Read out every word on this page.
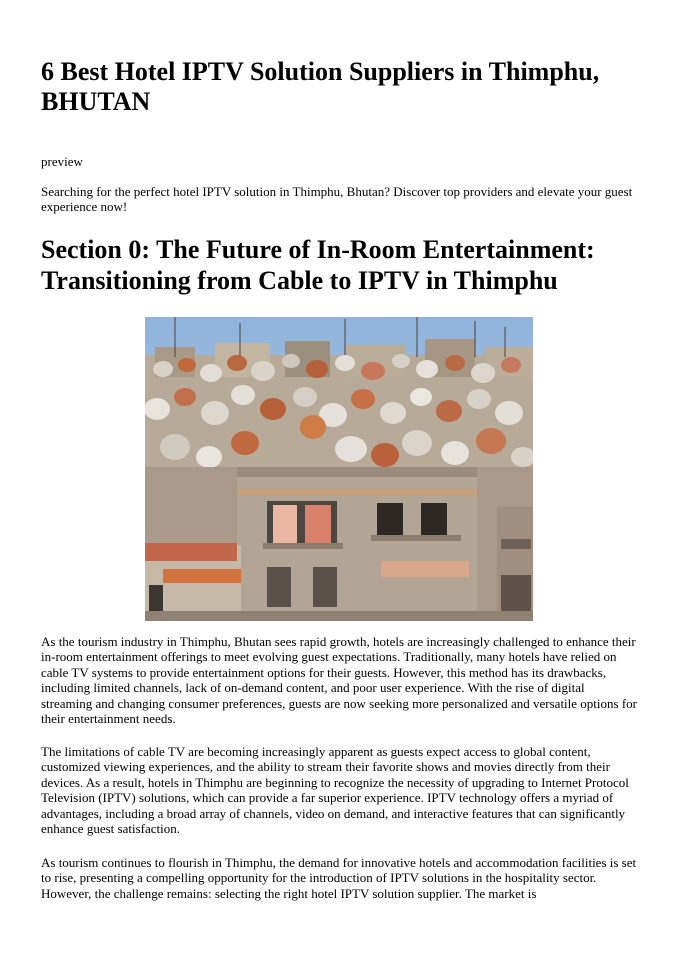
6 Best Hotel IPTV Solution Suppliers in Thimphu, BHUTAN

preview

Searching for the perfect hotel IPTV solution in Thimphu, Bhutan? Discover top providers and elevate your guest experience now!

Section 0: The Future of In-Room Entertainment: Transitioning from Cable to IPTV in Thimphu

As the tourism industry in Thimphu, Bhutan sees rapid growth, hotels are increasingly challenged to enhance their in-room entertainment offerings to meet evolving guest expectations. Traditionally, many hotels have relied on cable TV systems to provide entertainment options for their guests. However, this method has its drawbacks, including limited channels, lack of on-demand content, and poor user experience. With the rise of digital streaming and changing consumer preferences, guests are now seeking more personalized and versatile options for their entertainment needs.

The limitations of cable TV are becoming increasingly apparent as guests expect access to global content, customized viewing experiences, and the ability to stream their favorite shows and movies directly from their devices. As a result, hotels in Thimphu are beginning to recognize the necessity of upgrading to Internet Protocol Television (IPTV) solutions, which can provide a far superior experience. IPTV technology offers a myriad of advantages, including a broad array of channels, video on demand, and interactive features that can significantly enhance guest satisfaction.

As tourism continues to flourish in Thimphu, the demand for innovative hotels and accommodation facilities is set to rise, presenting a compelling opportunity for the introduction of IPTV solutions in the hospitality sector. However, the challenge remains: selecting the right hotel IPTV solution supplier. The market is
